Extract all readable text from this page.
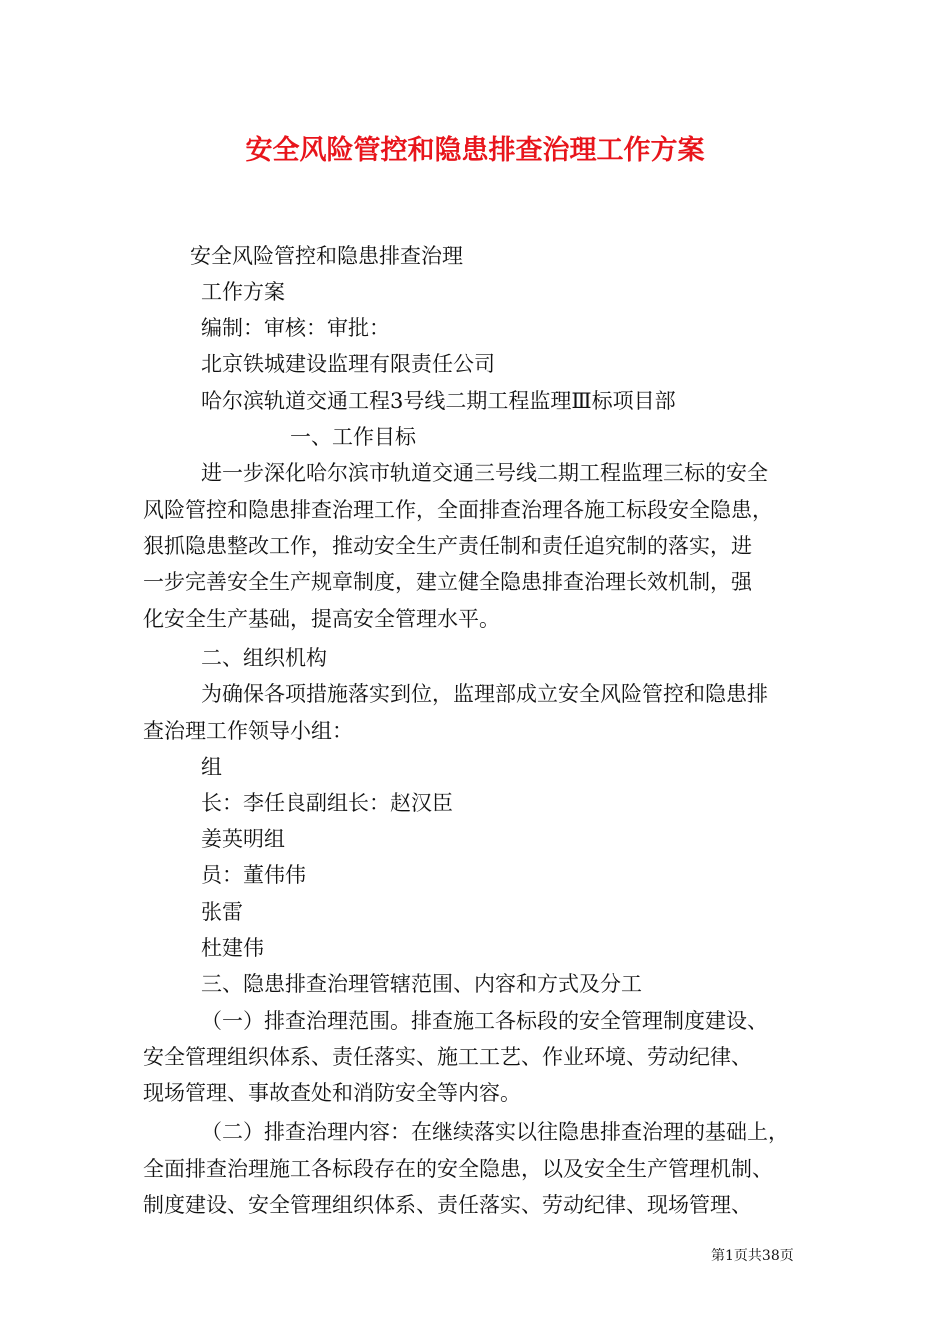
安全风险管控和隐患排查治理工作方案
安全风险管控和隐患排查治理
工作方案
编制：审核：审批：
北京铁城建设监理有限责任公司
哈尔滨轨道交通工程3号线二期工程监理Ⅲ标项目部
一、工作目标
进一步深化哈尔滨市轨道交通三号线二期工程监理三标的安全
风险管控和隐患排查治理工作，全面排查治理各施工标段安全隐患，
狠抓隐患整改工作，推动安全生产责任制和责任追究制的落实，进
一步完善安全生产规章制度，建立健全隐患排查治理长效机制，强
化安全生产基础，提高安全管理水平。
二、组织机构
为确保各项措施落实到位，监理部成立安全风险管控和隐患排
查治理工作领导小组：
组
长：李任良副组长：赵汉臣
姜英明组
员：董伟伟
张雷
杜建伟
三、隐患排查治理管辖范围、内容和方式及分工
（一）排查治理范围。排查施工各标段的安全管理制度建设、
安全管理组织体系、责任落实、施工工艺、作业环境、劳动纪律、
现场管理、事故查处和消防安全等内容。
（二）排查治理内容：在继续落实以往隐患排查治理的基础上，
全面排查治理施工各标段存在的安全隐患，以及安全生产管理机制、
制度建设、安全管理组织体系、责任落实、劳动纪律、现场管理、
第1页共38页
